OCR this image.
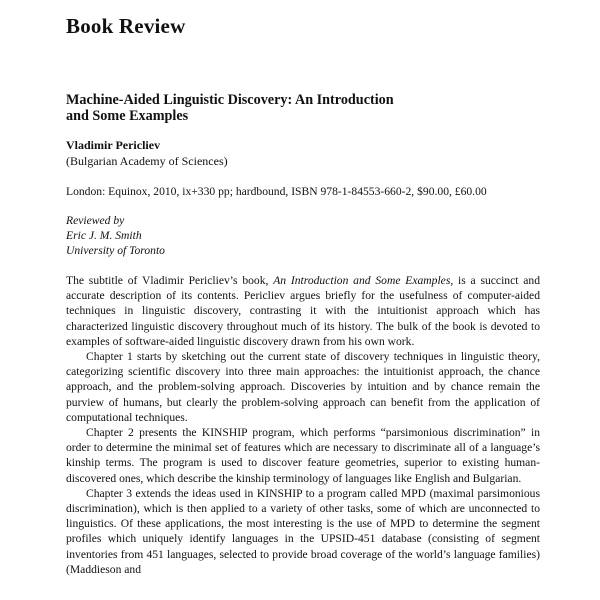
Book Review
Machine-Aided Linguistic Discovery: An Introduction
and Some Examples
Vladimir Pericliev
(Bulgarian Academy of Sciences)
London: Equinox, 2010, ix+330 pp; hardbound, ISBN 978-1-84553-660-2, $90.00, £60.00
Reviewed by
Eric J. M. Smith
University of Toronto

The subtitle of Vladimir Pericliev’s book, An Introduction and Some Examples, is a succinct and accurate description of its contents. Pericliev argues briefly for the usefulness of computer-aided techniques in linguistic discovery, contrasting it with the intuitionist approach which has characterized linguistic discovery throughout much of its history. The bulk of the book is devoted to examples of software-aided linguistic discovery drawn from his own work.

Chapter 1 starts by sketching out the current state of discovery techniques in linguistic theory, categorizing scientific discovery into three main approaches: the intuitionist approach, the chance approach, and the problem-solving approach. Discoveries by intuition and by chance remain the purview of humans, but clearly the problem-solving approach can benefit from the application of computational techniques.

Chapter 2 presents the KINSHIP program, which performs “parsimonious discrimination” in order to determine the minimal set of features which are necessary to discriminate all of a language’s kinship terms. The program is used to discover feature geometries, superior to existing human-discovered ones, which describe the kinship terminology of languages like English and Bulgarian.

Chapter 3 extends the ideas used in KINSHIP to a program called MPD (maximal parsimonious discrimination), which is then applied to a variety of other tasks, some of which are unconnected to linguistics. Of these applications, the most interesting is the use of MPD to determine the segment profiles which uniquely identify languages in the UPSID-451 database (consisting of segment inventories from 451 languages, selected to provide broad coverage of the world’s language families) (Maddieson and
